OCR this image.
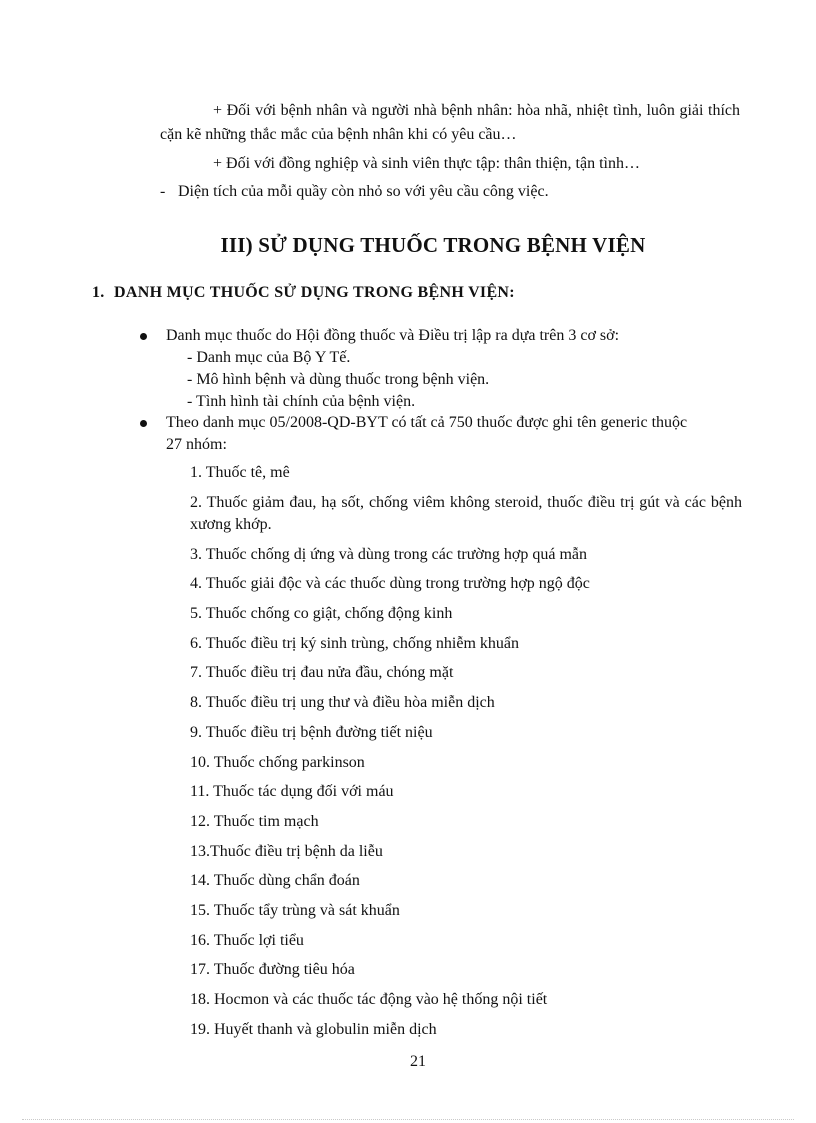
+ Đối với bệnh nhân và người nhà bệnh nhân: hòa nhã, nhiệt tình, luôn giải thích cặn kẽ những thắc mắc của bệnh nhân khi có yêu cầu…
+ Đối với đồng nghiệp và sinh viên thực tập: thân thiện, tận tình…
- Diện tích của mỗi quầy còn nhỏ so với yêu cầu công việc.
III) SỬ DỤNG THUỐC TRONG BỆNH VIỆN
1. DANH MỤC THUỐC SỬ DỤNG TRONG BỆNH VIỆN:
Danh mục thuốc do Hội đồng thuốc và Điều trị lập ra dựa trên 3 cơ sở:
- Danh mục của Bộ Y Tế.
- Mô hình bệnh và dùng thuốc trong bệnh viện.
- Tình hình tài chính của bệnh viện.
Theo danh mục 05/2008-QD-BYT có tất cả 750 thuốc được ghi tên generic thuộc
27 nhóm:
1. Thuốc tê, mê
2. Thuốc giảm đau, hạ sốt, chống viêm không steroid, thuốc điều trị gút và các bệnh xương khớp.
3. Thuốc chống dị ứng và dùng trong các trường hợp quá mẫn
4. Thuốc giải độc và các thuốc dùng trong trường hợp ngộ độc
5. Thuốc chống co giật, chống động kinh
6. Thuốc điều trị ký sinh trùng, chống nhiễm khuẩn
7. Thuốc điều trị đau nửa đầu, chóng mặt
8. Thuốc điều trị ung thư và điều hòa miễn dịch
9. Thuốc điều trị bệnh đường tiết niệu
10. Thuốc chống parkinson
11. Thuốc tác dụng đối với máu
12. Thuốc tim mạch
13.Thuốc điều trị bệnh da liễu
14. Thuốc dùng chẩn đoán
15. Thuốc tẩy trùng và sát khuẩn
16. Thuốc lợi tiểu
17. Thuốc đường tiêu hóa
18. Hocmon và các thuốc tác động vào hệ thống nội tiết
19. Huyết thanh và globulin miễn dịch
21
